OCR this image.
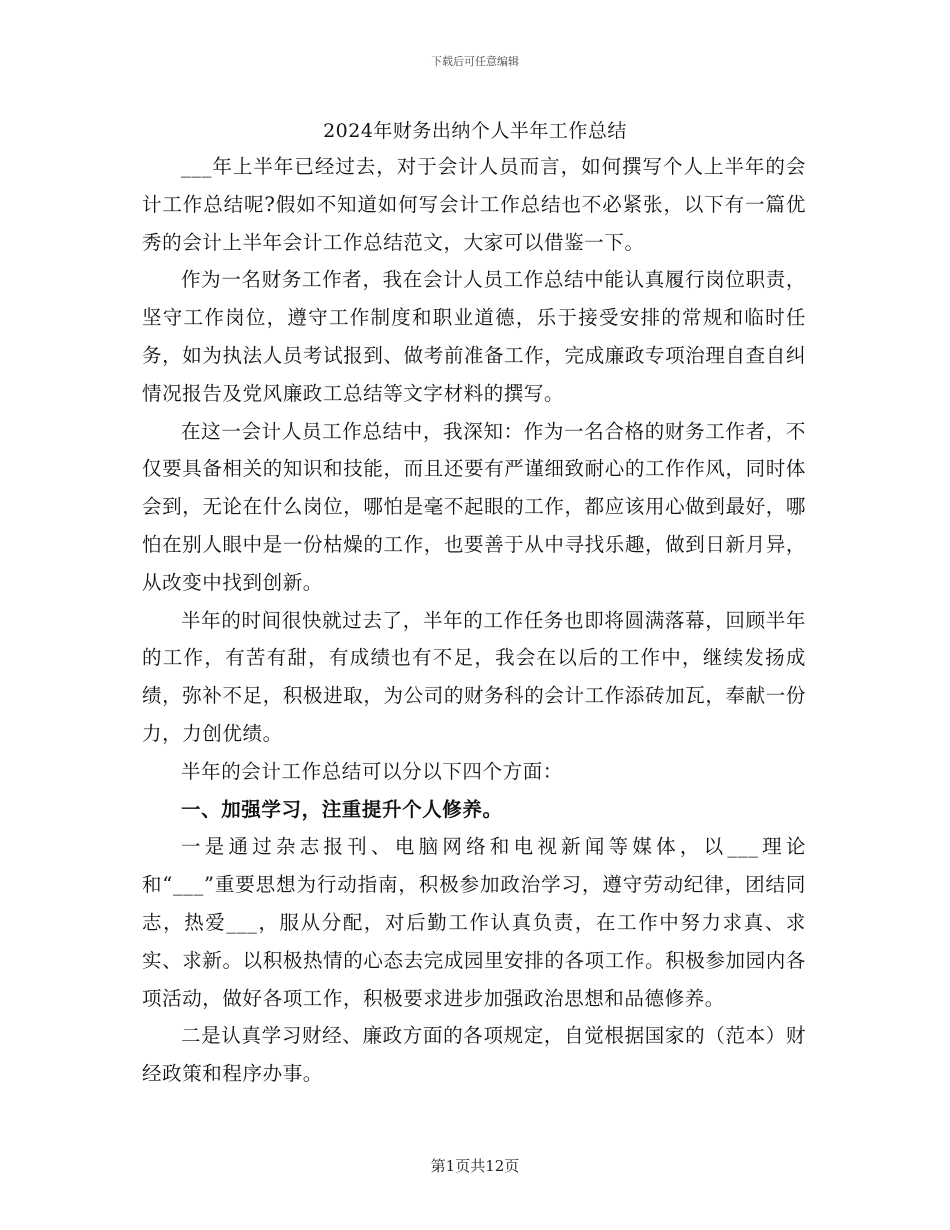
下载后可任意编辑
2024年财务出纳个人半年工作总结

___年上半年已经过去，对于会计人员而言，如何撰写个人上半年的会计工作总结呢?假如不知道如何写会计工作总结也不必紧张，以下有一篇优秀的会计上半年会计工作总结范文，大家可以借鉴一下。

作为一名财务工作者，我在会计人员工作总结中能认真履行岗位职责，坚守工作岗位，遵守工作制度和职业道德，乐于接受安排的常规和临时任务，如为执法人员考试报到、做考前准备工作，完成廉政专项治理自查自纠情况报告及党风廉政工总结等文字材料的撰写。

在这一会计人员工作总结中，我深知：作为一名合格的财务工作者，不仅要具备相关的知识和技能，而且还要有严谨细致耐心的工作作风，同时体会到，无论在什么岗位，哪怕是毫不起眼的工作，都应该用心做到最好，哪怕在别人眼中是一份枯燥的工作，也要善于从中寻找乐趣，做到日新月异，从改变中找到创新。

半年的时间很快就过去了，半年的工作任务也即将圆满落幕，回顾半年的工作，有苦有甜，有成绩也有不足，我会在以后的工作中，继续发扬成绩，弥补不足，积极进取，为公司的财务科的会计工作添砖加瓦，奉献一份力，力创优绩。

半年的会计工作总结可以分以下四个方面：

一、加强学习，注重提升个人修养。

一是通过杂志报刊、电脑网络和电视新闻等媒体，以___理论和“___”重要思想为行动指南，积极参加政治学习，遵守劳动纪律，团结同志，热爱___，服从分配，对后勤工作认真负责，在工作中努力求真、求实、求新。以积极热情的心态去完成园里安排的各项工作。积极参加园内各项活动，做好各项工作，积极要求进步加强政治思想和品德修养。

二是认真学习财经、廉政方面的各项规定，自觉根据国家的（范本）财经政策和程序办事。

第1页共12页
